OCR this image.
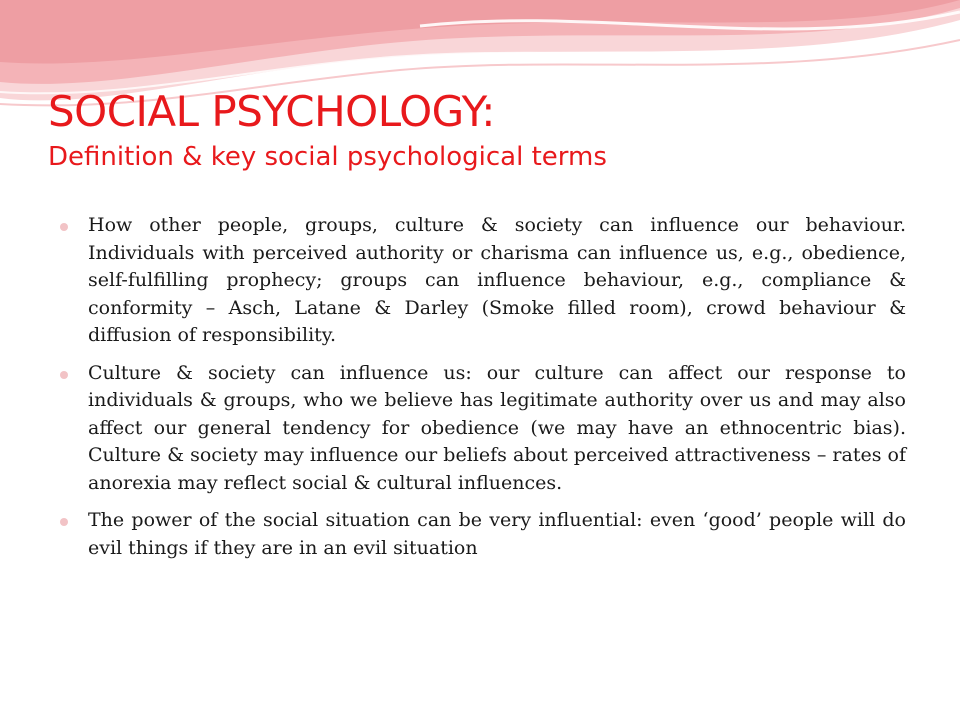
SOCIAL PSYCHOLOGY:
Definition & key social psychological terms
How other people, groups, culture & society can influence our behaviour. Individuals with perceived authority or charisma can influence us, e.g., obedience, self-fulfilling prophecy; groups can influence behaviour, e.g., compliance & conformity – Asch, Latane & Darley (Smoke filled room), crowd behaviour & diffusion of responsibility.
Culture & society can influence us: our culture can affect our response to individuals & groups, who we believe has legitimate authority over us and may also affect our general tendency for obedience (we may have an ethnocentric bias). Culture & society may influence our beliefs about perceived attractiveness – rates of anorexia may reflect social & cultural influences.
The power of the social situation can be very influential: even ‘good’ people will do evil things if they are in an evil situation
